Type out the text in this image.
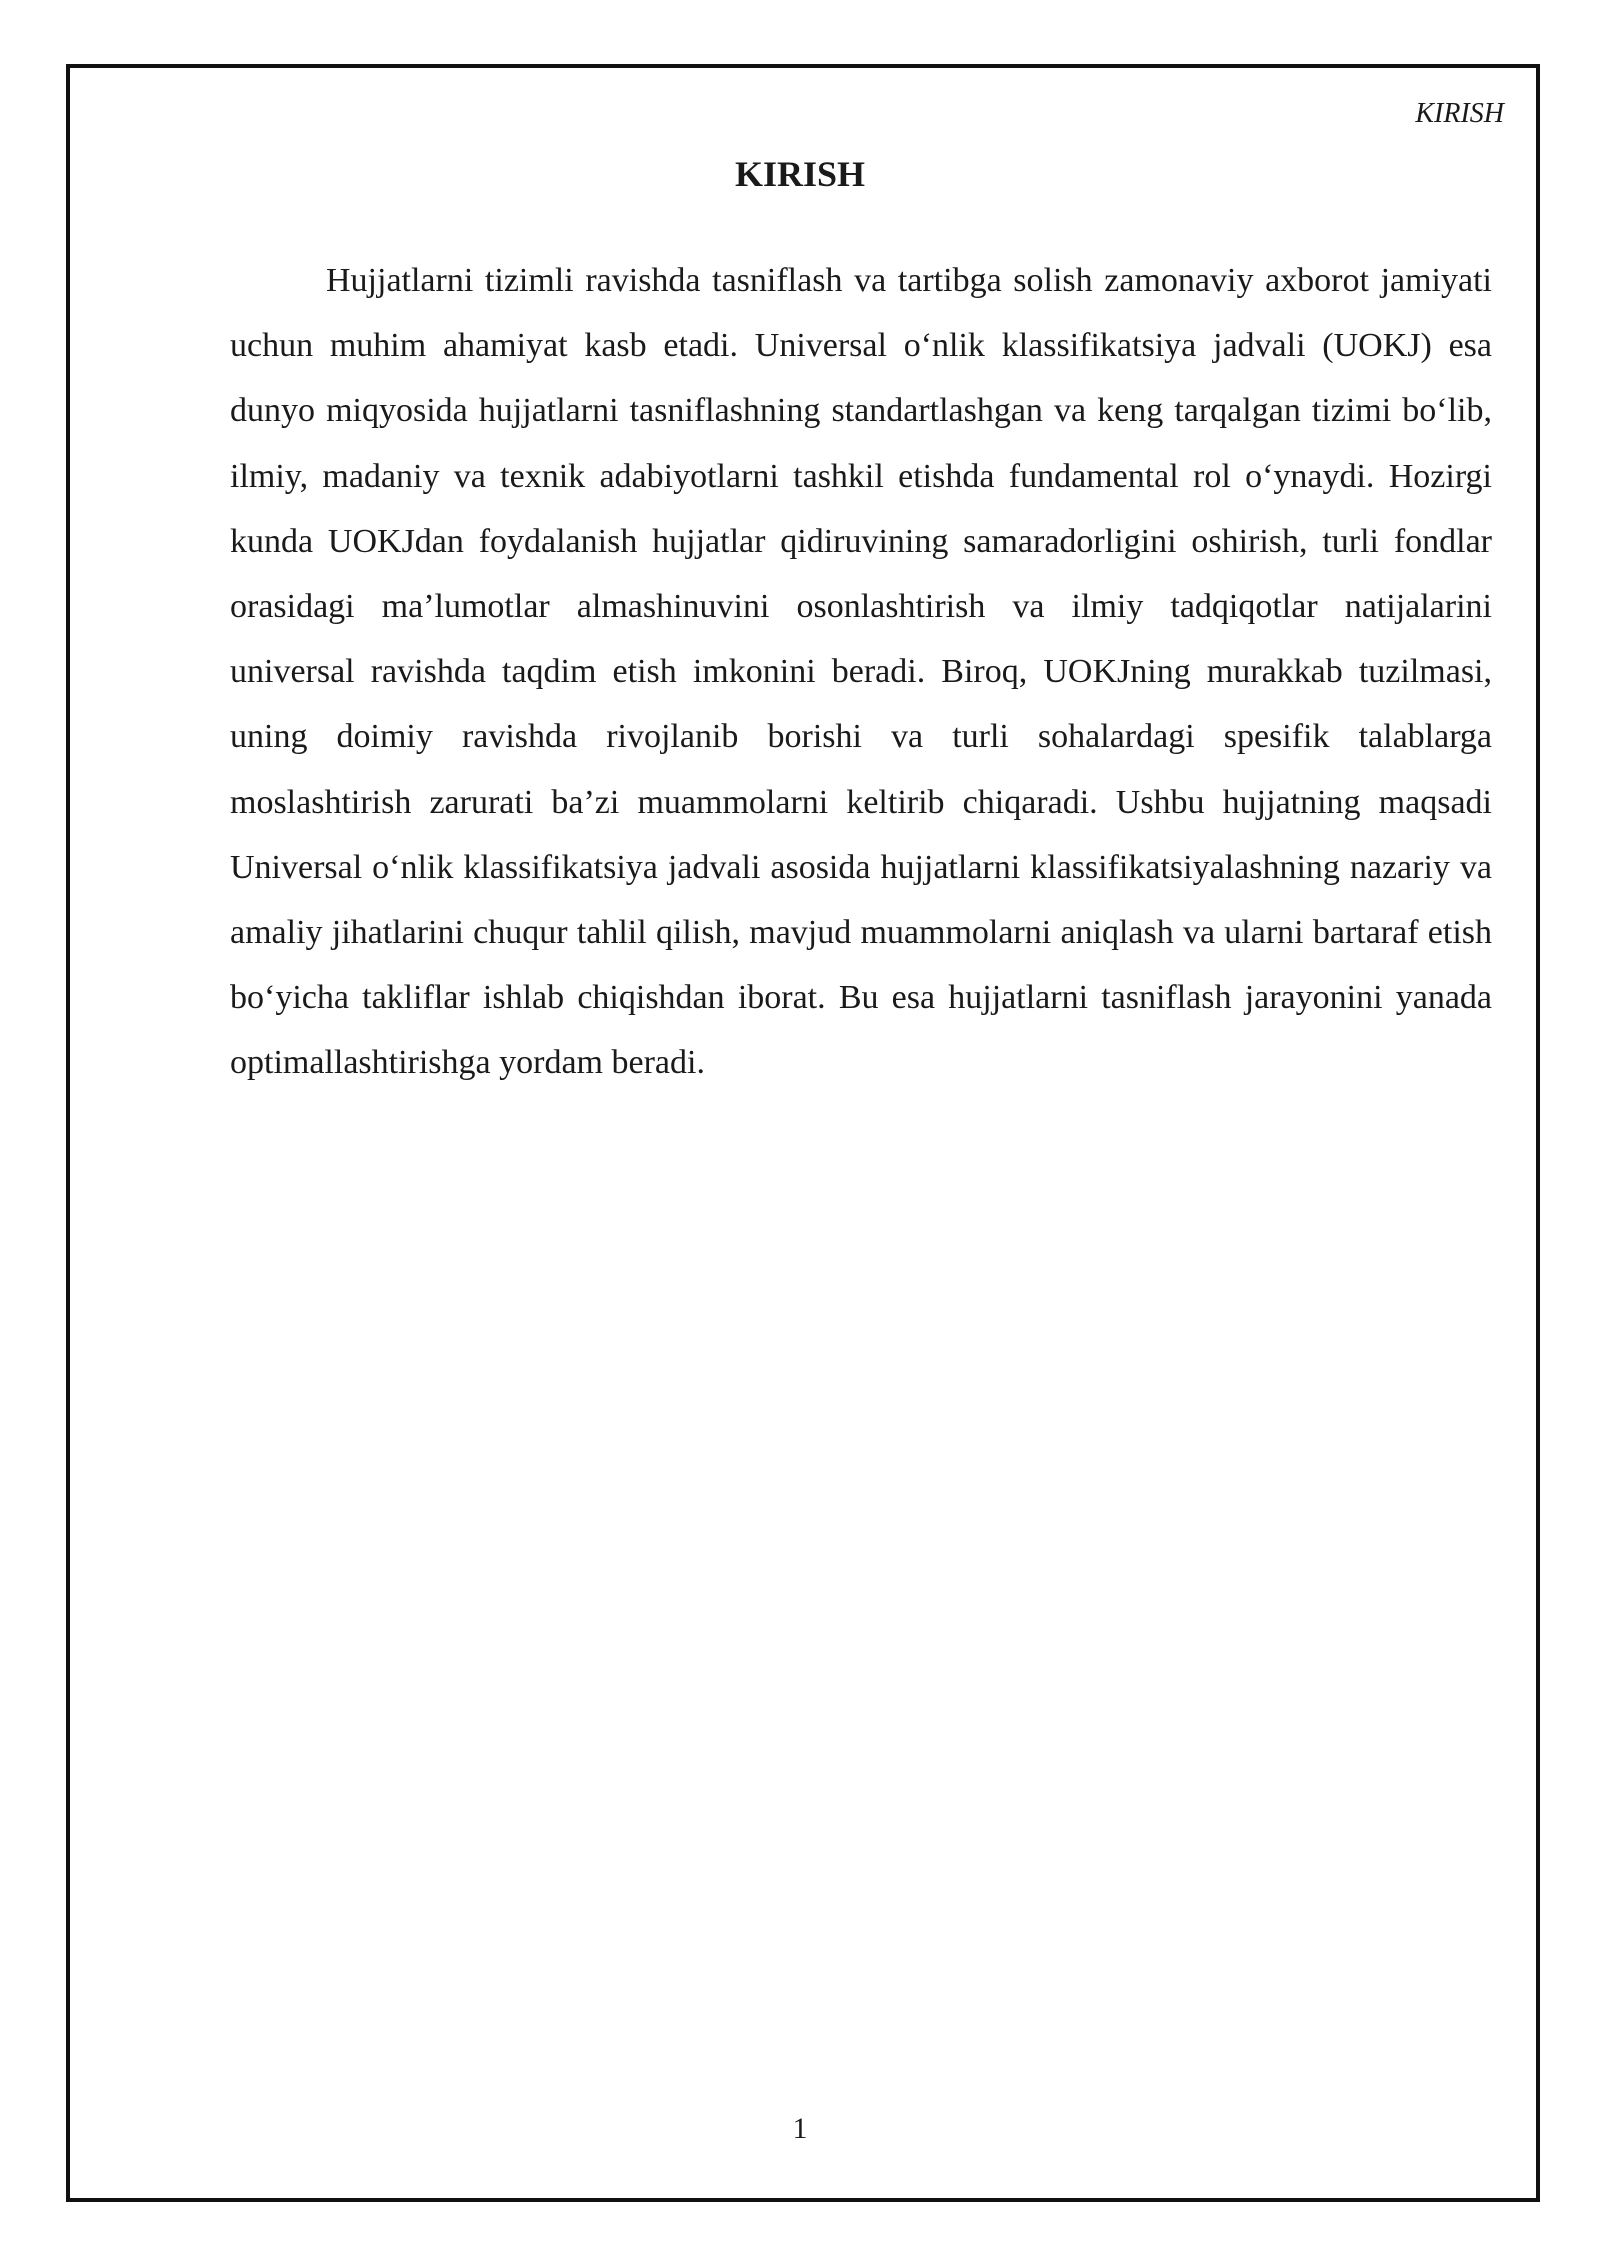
KIRISH

KIRISH

Hujjatlarni tizimli ravishda tasniflash va tartibga solish zamonaviy axborot jamiyati uchun muhim ahamiyat kasb etadi. Universal o‘nlik klassifikatsiya jadvali (UOKJ) esa dunyo miqyosida hujjatlarni tasniflashning standartlashgan va keng tarqalgan tizimi bo‘lib, ilmiy, madaniy va texnik adabiyotlarni tashkil etishda fundamental rol o‘ynaydi. Hozirgi kunda UOKJdan foydalanish hujjatlar qidiruvining samaradorligini oshirish, turli fondlar orasidagi ma’lumotlar almashinuvini osonlashtirish va ilmiy tadqiqotlar natijalarini universal ravishda taqdim etish imkonini beradi. Biroq, UOKJning murakkab tuzilmasi, uning doimiy ravishda rivojlanib borishi va turli sohalardagi spesifik talablarga moslashtirish zarurati ba’zi muammolarni keltirib chiqaradi. Ushbu hujjatning maqsadi Universal o‘nlik klassifikatsiya jadvali asosida hujjatlarni klassifikatsiyalashning nazariy va amaliy jihatlarini chuqur tahlil qilish, mavjud muammolarni aniqlash va ularni bartaraf etish bo‘yicha takliflar ishlab chiqishdan iborat. Bu esa hujjatlarni tasniflash jarayonini yanada optimallashtirishga yordam beradi.

1
